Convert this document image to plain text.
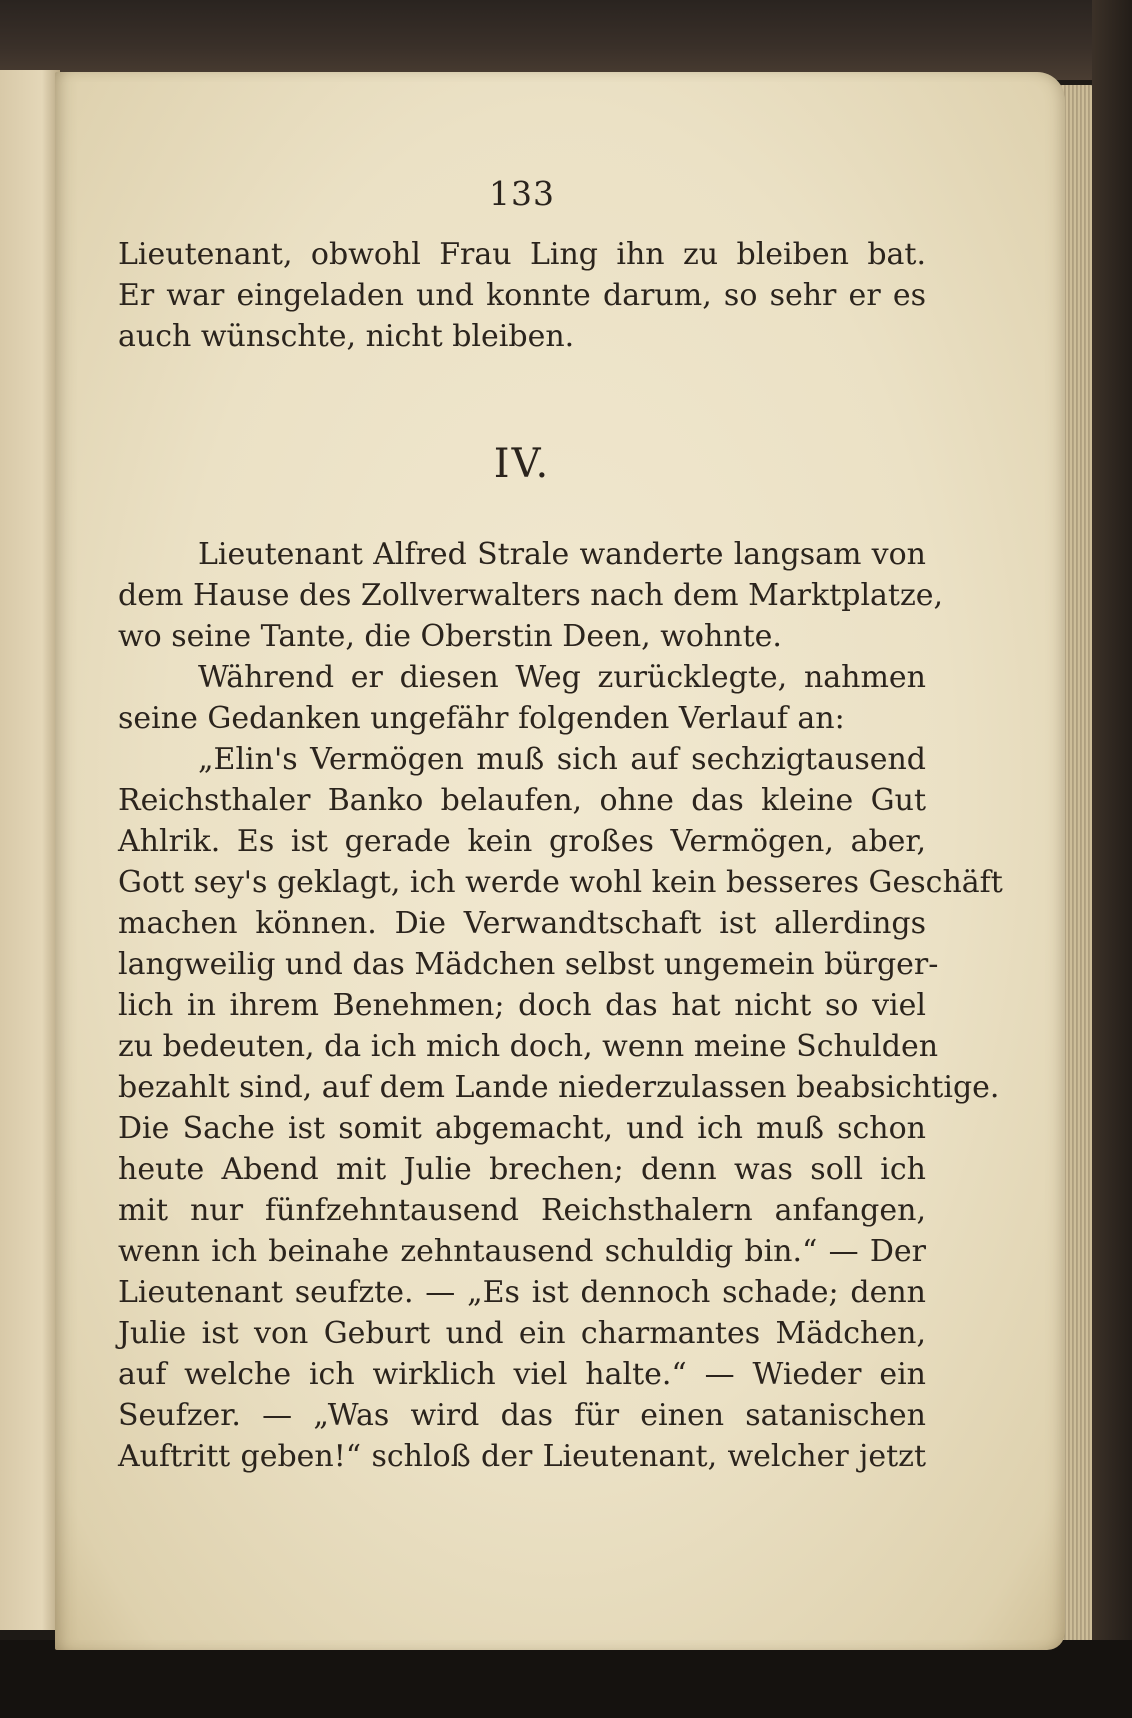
133

Lieutenant, obwohl Frau Ling ihn zu bleiben bat.
Er war eingeladen und konnte darum, so sehr er es
auch wünschte, nicht bleiben.

IV.

Lieutenant Alfred Strale wanderte langsam von
dem Hause des Zollverwalters nach dem Marktplatze,
wo seine Tante, die Oberstin Deen, wohnte.

Während er diesen Weg zurücklegte, nahmen
seine Gedanken ungefähr folgenden Verlauf an:

„Elin's Vermögen muß sich auf sechzigtausend
Reichsthaler Banko belaufen, ohne das kleine Gut
Ahlrik. Es ist gerade kein großes Vermögen, aber,
Gott sey's geklagt, ich werde wohl kein besseres Geschäft
machen können. Die Verwandtschaft ist allerdings
langweilig und das Mädchen selbst ungemein bürger-
lich in ihrem Benehmen; doch das hat nicht so viel
zu bedeuten, da ich mich doch, wenn meine Schulden
bezahlt sind, auf dem Lande niederzulassen beabsichtige.
Die Sache ist somit abgemacht, und ich muß schon
heute Abend mit Julie brechen; denn was soll ich
mit nur fünfzehntausend Reichsthalern anfangen,
wenn ich beinahe zehntausend schuldig bin.“ — Der
Lieutenant seufzte. — „Es ist dennoch schade; denn
Julie ist von Geburt und ein charmantes Mädchen,
auf welche ich wirklich viel halte.“ — Wieder ein
Seufzer. — „Was wird das für einen satanischen
Auftritt geben!“ schloß der Lieutenant, welcher jetzt
